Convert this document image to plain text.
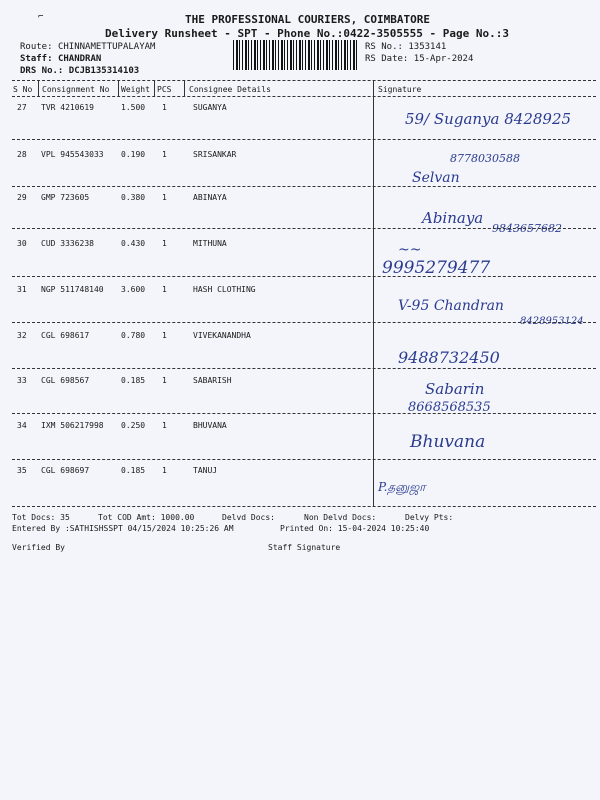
⌐	THE PROFESSIONAL COURIERS, COIMBATORE
Delivery Runsheet - SPT - Phone No.:0422-3505555 - Page No.:3
Route: CHINNAMETTUPALAYAM
Staff: CHANDRAN
DRS No.: DCJB135314103
RS No.: 1353141
RS Date: 15-Apr-2024
S No Consignment No Weight PCS Consignee Details	Signature
27 TVR 4210619	1.500 1	SUGANYA
59/ Suganya 8428925
28 VPL 945543033 0.190 1	SRISANKAR	8778030588
Selvan
29 GMP 723605	0.380 1	ABINAYA
Abinaya
9843657682
30 CUD 3336238	0.430 1	MITHUNA	~~
9995279477
31 NGP 511748140 3.600 1	HASH CLOTHING
V-95 Chandran
8428953124
32 CGL 698617	0.780 1	VIVEKANANDHA
9488732450
33 CGL 698567	0.185 1	SABARISH	Sabarin
8668568535
34 IXM 506217998 0.250 1	BHUVANA
Bhuvana
35 CGL 698697	0.185 1	TANUJ
P.தனுஜா
Tot Docs: 35	Tot COD Amt: 1000.00	Delvd Docs:	Non Delvd Docs:	Delvy Pts:
Entered By :SATHISHSSPT 04/15/2024 10:25:26 AM	Printed On: 15-04-2024 10:25:40
Verified By	Staff Signature
